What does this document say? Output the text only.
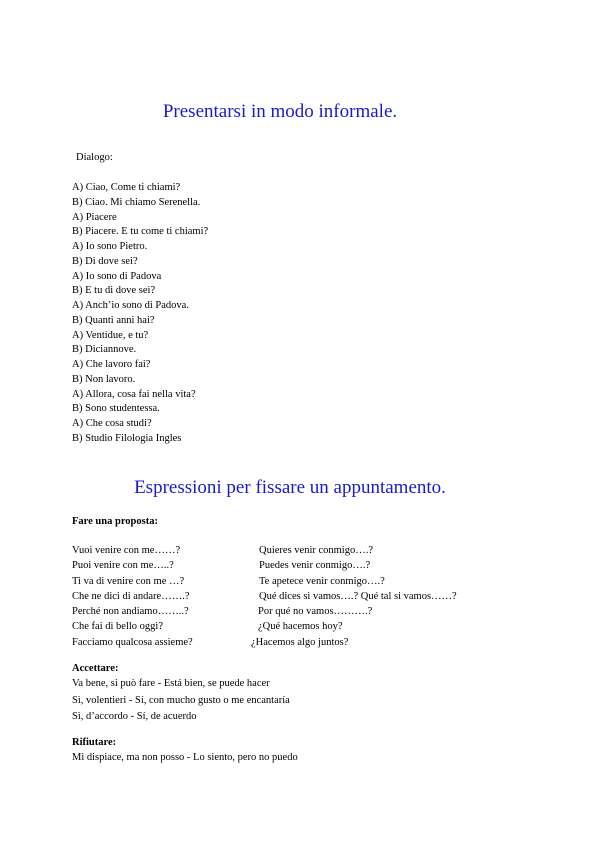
Presentarsi in modo informale.
Dialogo:
A) Ciao, Come ti chiami?
B) Ciao. Mi chiamo Serenella.
A) Piacere
B) Piacere. E tu come ti chiami?
A) Io sono Pietro.
B) Di dove sei?
A) Io sono di Padova
B) E tu di dove sei?
A) Anch’io sono di Padova.
B) Quanti anni hai?
A) Ventidue, e tu?
B) Diciannove.
A) Che lavoro fai?
B) Non lavoro.
A) Allora, cosa fai nella vita?
B) Sono studentessa.
A) Che cosa studi?
B) Studio Filologia Ingles
Espressioni per fissare un appuntamento.
Fare una proposta:
Vuoi venire con me……?	Quieres venir conmigo….?
Puoi venire con me…..?	Puedes venir conmigo….?
Ti va di venire con me …?	Te apetece venir conmigo….?
Che ne dici di andare…….?	Qué dices si vamos….? Qué tal si vamos……?
Perché non andiamo……..?	Por qué no vamos……….?
Che fai di bello oggi?	¿Qué hacemos hoy?
Facciamo qualcosa assieme?	¿Hacemos algo juntos?
Accettare:
Va bene, si può fare - Está bien, se puede hacer
Sì, volentieri - Sí, con mucho gusto o me encantaría
Sì, d’accordo - Sí, de acuerdo
Rifiutare:
Mi dispiace, ma non posso - Lo siento, pero no puedo
